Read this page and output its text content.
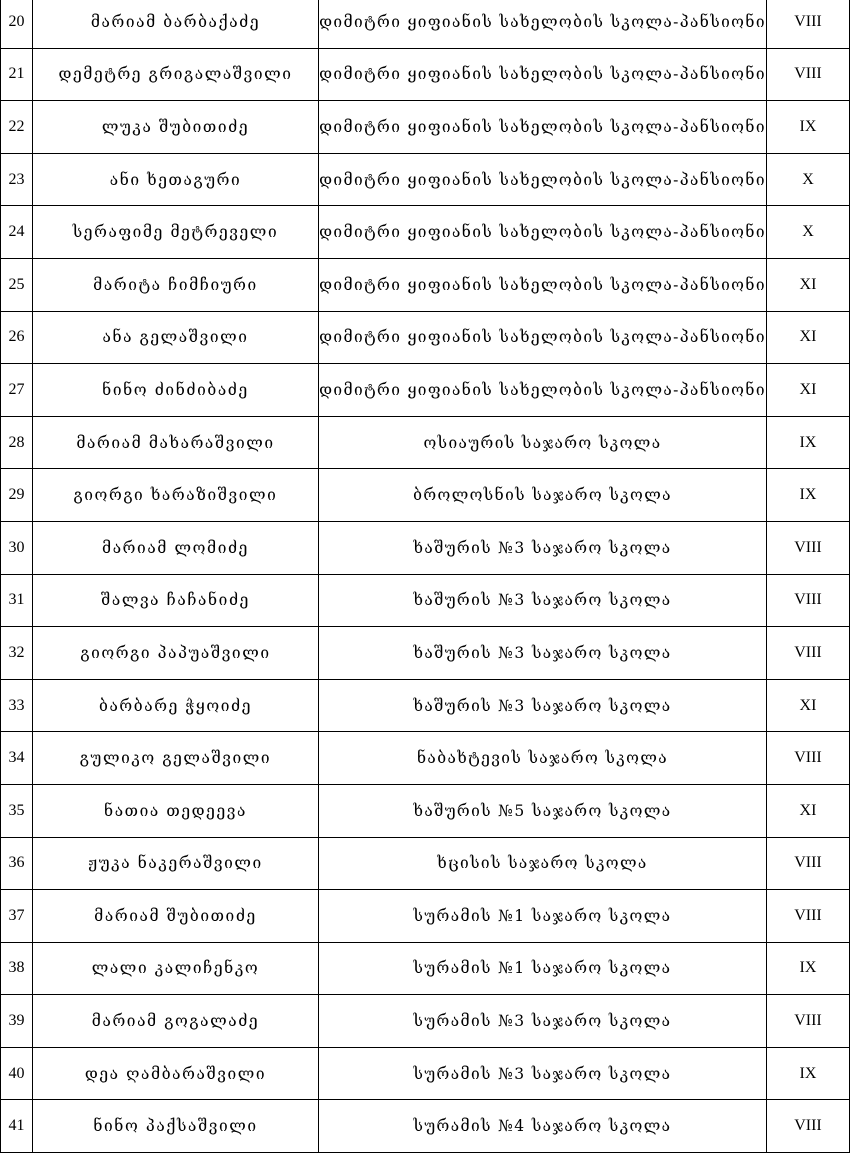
20	მარიამ ბარბაქაძე	დიმიტრი ყიფიანის სახელობის სკოლა-პანსიონი	VIII
21	დემეტრე გრიგალაშვილი	დიმიტრი ყიფიანის სახელობის სკოლა-პანსიონი	VIII
22	ლუკა შუბითიძე	დიმიტრი ყიფიანის სახელობის სკოლა-პანსიონი	IX
23	ანი ხეთაგური	დიმიტრი ყიფიანის სახელობის სკოლა-პანსიონი	X
24	სერაფიმე მეტრეველი	დიმიტრი ყიფიანის სახელობის სკოლა-პანსიონი	X
25	მარიტა ჩიმჩიური	დიმიტრი ყიფიანის სახელობის სკოლა-პანსიონი	XI
26	ანა გელაშვილი	დიმიტრი ყიფიანის სახელობის სკოლა-პანსიონი	XI
27	ნინო ძინძიბაძე	დიმიტრი ყიფიანის სახელობის სკოლა-პანსიონი	XI
28	მარიამ მახარაშვილი	ოსიაურის საჯარო სკოლა	IX
29	გიორგი ხარაზიშვილი	ბროლოსნის საჯარო სკოლა	IX
30	მარიამ ლომიძე	ხაშურის №3 საჯარო სკოლა	VIII
31	შალვა ჩაჩანიძე	ხაშურის №3 საჯარო სკოლა	VIII
32	გიორგი პაპუაშვილი	ხაშურის №3 საჯარო სკოლა	VIII
33	ბარბარე ჭყოიძე	ხაშურის №3 საჯარო სკოლა	XI
34	გულიკო გელაშვილი	ნაბახტევის საჯარო სკოლა	VIII
35	ნათია თედეევა	ხაშურის №5 საჯარო სკოლა	XI
36	ჟუკა ნაკერაშვილი	ხცისის საჯარო სკოლა	VIII
37	მარიამ შუბითიძე	სურამის №1 საჯარო სკოლა	VIII
38	ლალი კალიჩენკო	სურამის №1 საჯარო სკოლა	IX
39	მარიამ გოგალაძე	სურამის №3 საჯარო სკოლა	VIII
40	დეა ღამბარაშვილი	სურამის №3 საჯარო სკოლა	IX
41	ნინო პაქსაშვილი	სურამის №4 საჯარო სკოლა	VIII
